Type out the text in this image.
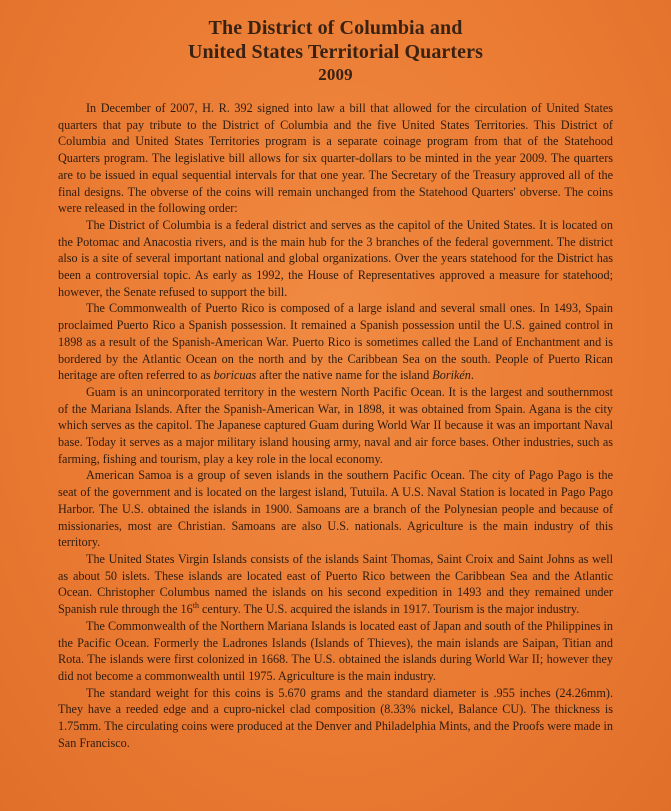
The District of Columbia and
United States Territorial Quarters
2009

In December of 2007, H. R. 392 signed into law a bill that allowed for the circulation of United States quarters that pay tribute to the District of Columbia and the five United States Territories. This District of Columbia and United States Territories program is a separate coinage program from that of the Statehood Quarters program. The legislative bill allows for six quarter-dollars to be minted in the year 2009. The quarters are to be issued in equal sequential intervals for that one year. The Secretary of the Treasury approved all of the final designs. The obverse of the coins will remain unchanged from the Statehood Quarters' obverse. The coins were released in the following order:

The District of Columbia is a federal district and serves as the capitol of the United States. It is located on the Potomac and Anacostia rivers, and is the main hub for the 3 branches of the federal government. The district also is a site of several important national and global organizations. Over the years statehood for the District has been a controversial topic. As early as 1992, the House of Representatives approved a measure for statehood; however, the Senate refused to support the bill.

The Commonwealth of Puerto Rico is composed of a large island and several small ones. In 1493, Spain proclaimed Puerto Rico a Spanish possession. It remained a Spanish possession until the U.S. gained control in 1898 as a result of the Spanish-American War. Puerto Rico is sometimes called the Land of Enchantment and is bordered by the Atlantic Ocean on the north and by the Caribbean Sea on the south. People of Puerto Rican heritage are often referred to as boricuas after the native name for the island Borikén.

Guam is an unincorporated territory in the western North Pacific Ocean. It is the largest and southernmost of the Mariana Islands. After the Spanish-American War, in 1898, it was obtained from Spain. Agana is the city which serves as the capitol. The Japanese captured Guam during World War II because it was an important Naval base. Today it serves as a major military island housing army, naval and air force bases. Other industries, such as farming, fishing and tourism, play a key role in the local economy.

American Samoa is a group of seven islands in the southern Pacific Ocean. The city of Pago Pago is the seat of the government and is located on the largest island, Tutuila. A U.S. Naval Station is located in Pago Pago Harbor. The U.S. obtained the islands in 1900. Samoans are a branch of the Polynesian people and because of missionaries, most are Christian. Samoans are also U.S. nationals. Agriculture is the main industry of this territory.

The United States Virgin Islands consists of the islands Saint Thomas, Saint Croix and Saint Johns as well as about 50 islets. These islands are located east of Puerto Rico between the Caribbean Sea and the Atlantic Ocean. Christopher Columbus named the islands on his second expedition in 1493 and they remained under Spanish rule through the 16th century. The U.S. acquired the islands in 1917. Tourism is the major industry.

The Commonwealth of the Northern Mariana Islands is located east of Japan and south of the Philippines in the Pacific Ocean. Formerly the Ladrones Islands (Islands of Thieves), the main islands are Saipan, Titian and Rota. The islands were first colonized in 1668. The U.S. obtained the islands during World War II; however they did not become a commonwealth until 1975. Agriculture is the main industry.

The standard weight for this coins is 5.670 grams and the standard diameter is .955 inches (24.26mm). They have a reeded edge and a cupro-nickel clad composition (8.33% nickel, Balance CU). The thickness is 1.75mm. The circulating coins were produced at the Denver and Philadelphia Mints, and the Proofs were made in San Francisco.
